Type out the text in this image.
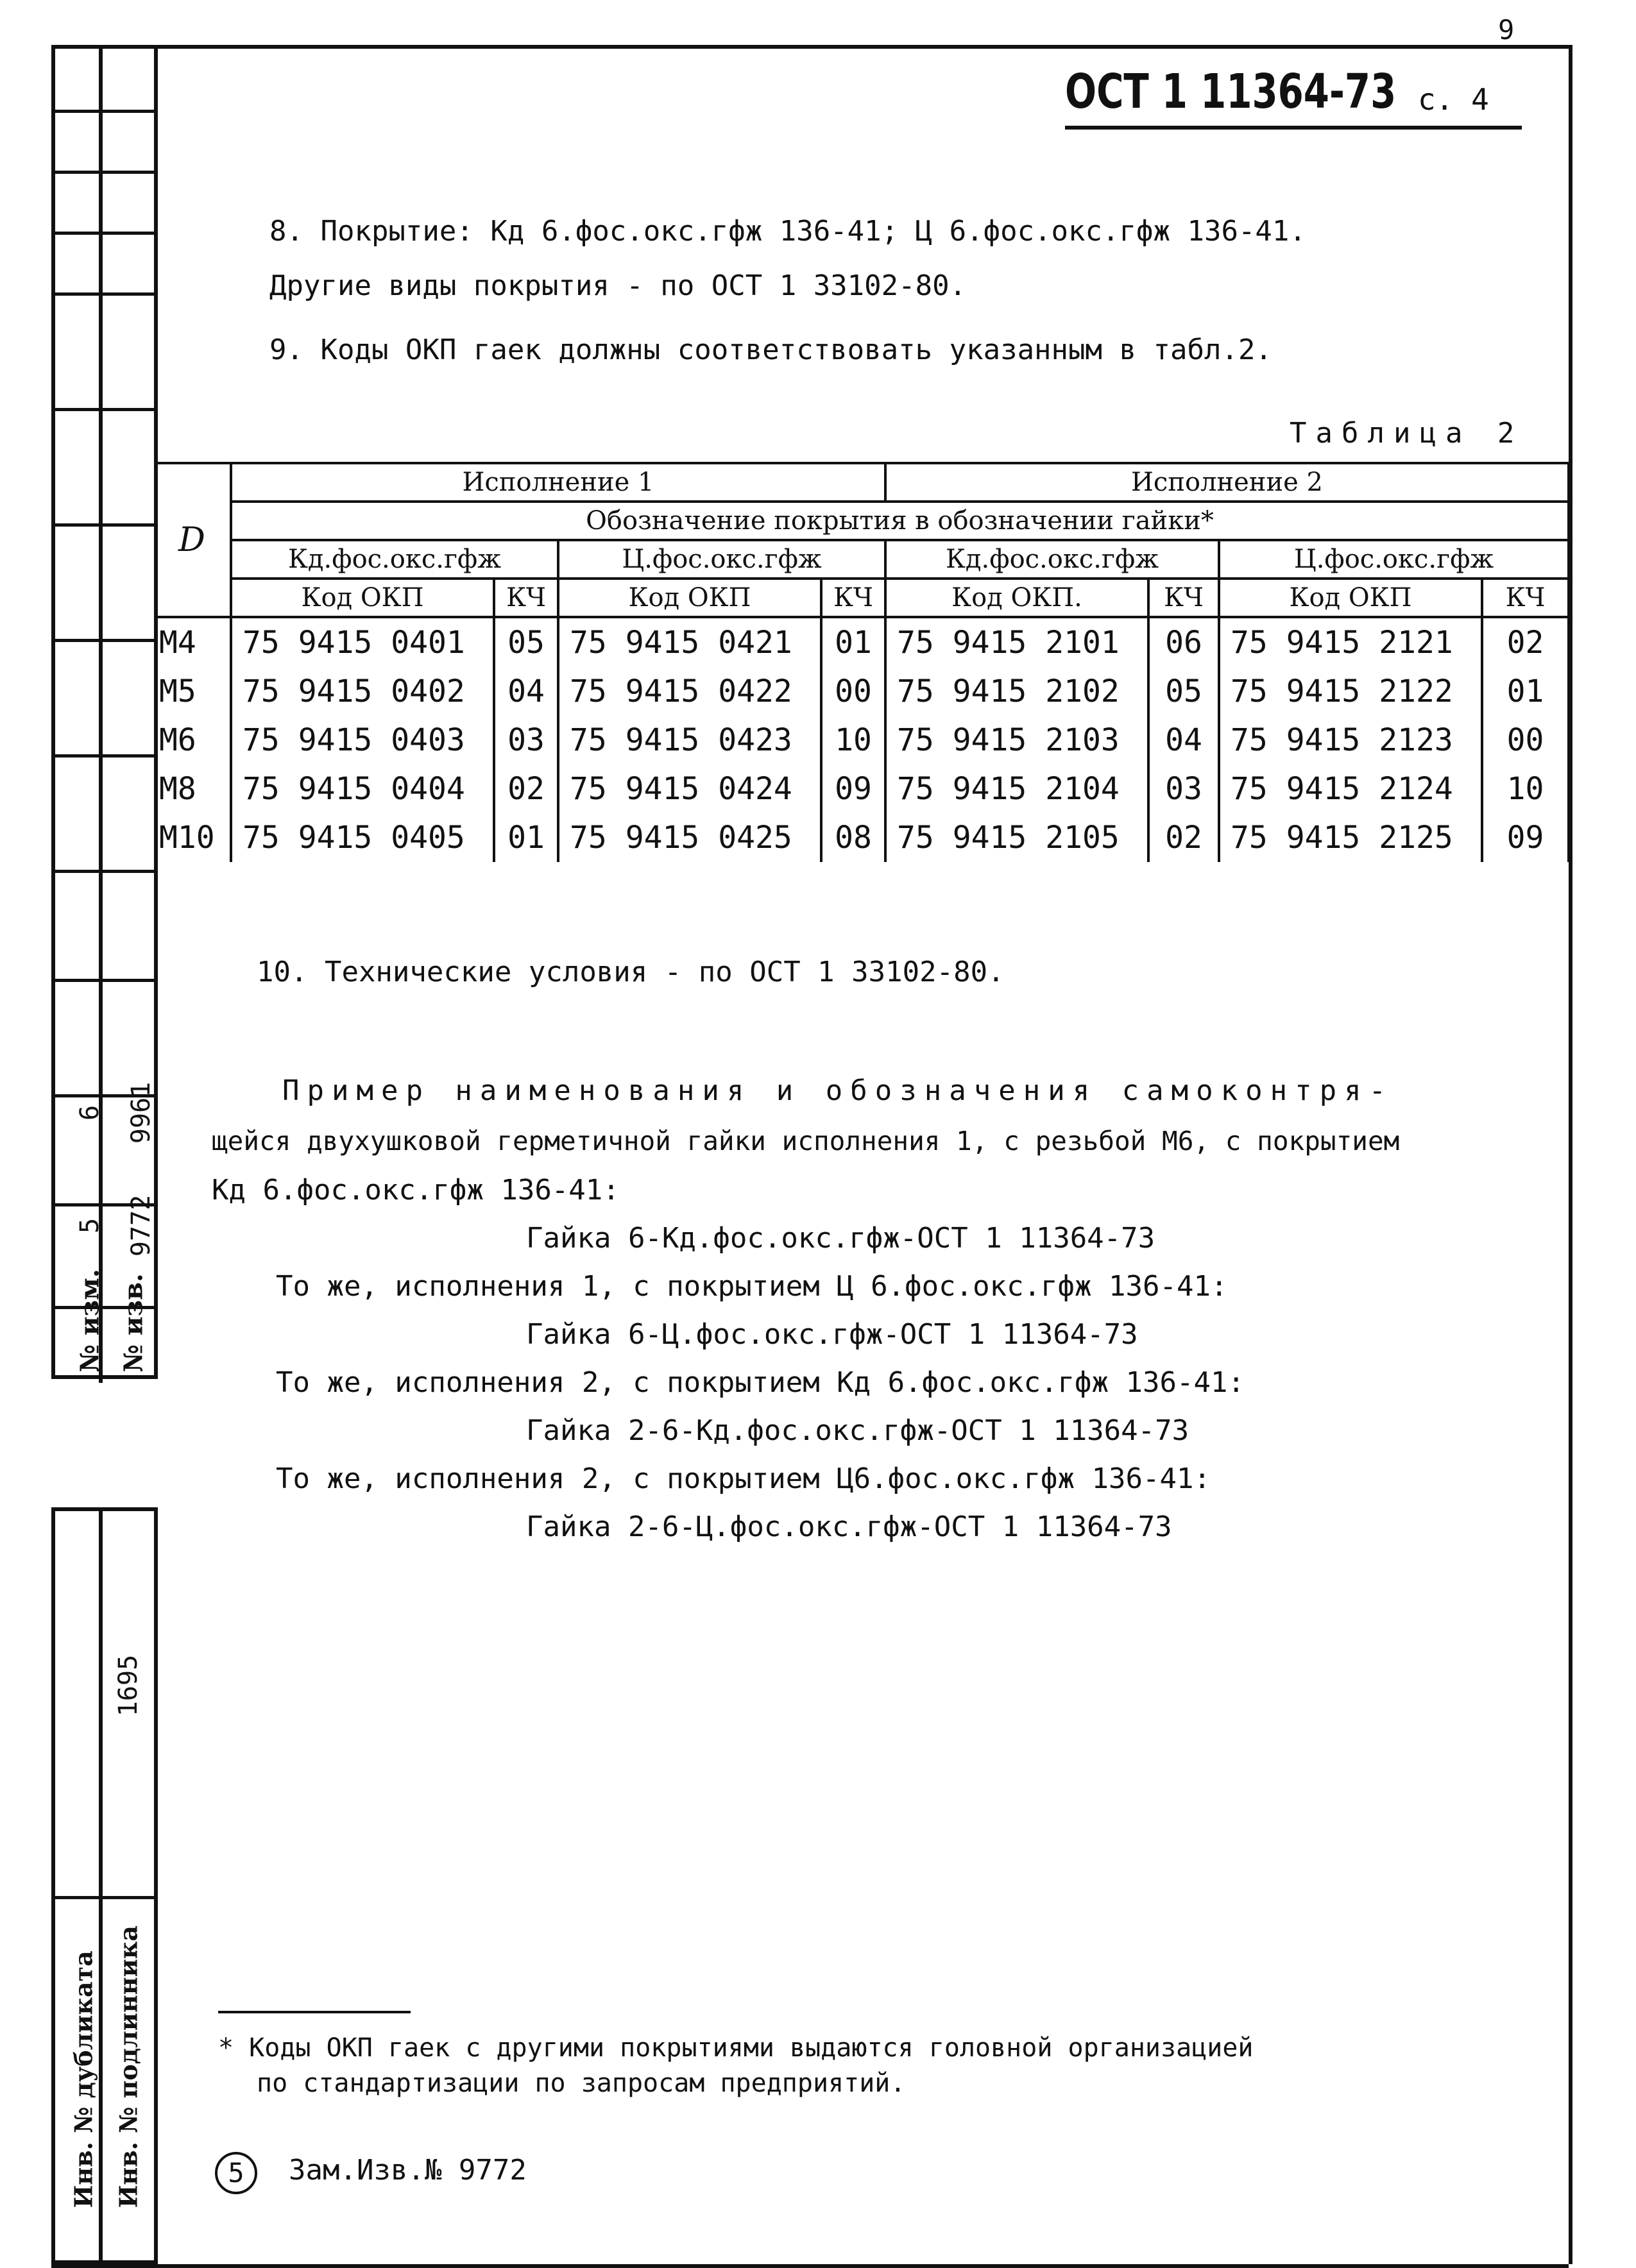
6 9961
5 9772
№ изм. № изв.
1695
Инв. № дубликата Инв. № подлинника
9
ОСТ 1 11364-73 с. 4
8. Покрытие: Кд 6.фос.окс.гфж 136-41; Ц 6.фос.окс.гфж 136-41.
Другие виды покрытия - по ОСТ 1 33102-80.
9. Коды ОКП гаек должны соответствовать указанным в табл.2.
Таблица 2
D	Исполнение 1				Исполнение 2			
	Обозначение покрытия в обозначении гайки*							
	Кд.фос.окс.гфж		Ц.фос.окс.гфж		Кд.фос.окс.гфж		Ц.фос.окс.гфж	
	Код ОКП	КЧ	Код ОКП	КЧ	Код ОКП.	КЧ	Код ОКП	КЧ
М4	75 9415 0401	05	75 9415 0421	01	75 9415 2101	06	75 9415 2121	02
М5	75 9415 0402	04	75 9415 0422	00	75 9415 2102	05	75 9415 2122	01
М6	75 9415 0403	03	75 9415 0423	10	75 9415 2103	04	75 9415 2123	00
М8	75 9415 0404	02	75 9415 0424	09	75 9415 2104	03	75 9415 2124	10
М10	75 9415 0405	01	75 9415 0425	08	75 9415 2105	02	75 9415 2125	09
10. Технические условия - по ОСТ 1 33102-80.
Пример наименования и обозначения самоконтря-
щейся двухушковой герметичной гайки исполнения 1, с резьбой М6, с покрытием
Кд 6.фос.окс.гфж 136-41:
Гайка 6-Кд.фос.окс.гфж-ОСТ 1 11364-73
То же, исполнения 1, с покрытием Ц 6.фос.окс.гфж 136-41:
Гайка 6-Ц.фос.окс.гфж-ОСТ 1 11364-73
То же, исполнения 2, с покрытием Кд 6.фос.окс.гфж 136-41:
Гайка 2-6-Кд.фос.окс.гфж-ОСТ 1 11364-73
То же, исполнения 2, с покрытием Ц6.фос.окс.гфж 136-41:
Гайка 2-6-Ц.фос.окс.гфж-ОСТ 1 11364-73
* Коды ОКП гаек с другими покрытиями выдаются головной организацией
по стандартизации по запросам предприятий.
5	Зам.Изв.№ 9772
